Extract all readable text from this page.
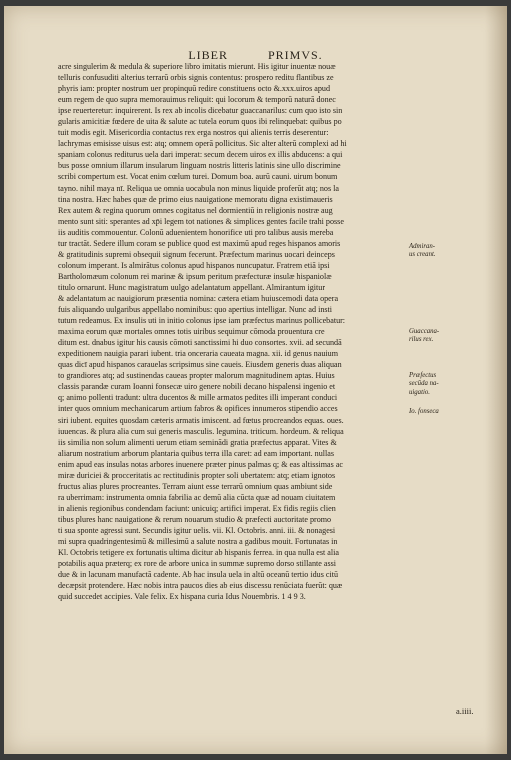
LIBER	PRIMVS.
acre singulerim & medula & superiore libro imitatis mierunt. His igitur inuentæ nouæ
telluris confusuditi alterius terrarū orbis signis contentus: prospero reditu flantibus ze
phyris iam: propter nostrum uer propinquū redire constituens octo &.xxx.uiros apud
eum regem de quo supra memorauimus reliquit: qui locorum & temporū naturā donec
ipse reuerteretur: inquirerent. Is rex ab incolis dicebatur guaccanarilus: cum quo isto sin
gularis amicitiæ fœdere de uita & salute ac tutela eorum quos ibi relinquebat: quibus po
tuit modis egit. Misericordia contactus rex erga nostros qui alienis terris deserentur:
lachrymas emisisse uisus est: atq; omnem operā pollicitus. Sic alter alterū complexi ad hi
spaniam colonus rediturus uela dari imperat: secum decem uiros ex illis abducens: a qui
bus posse omnium illarum insularum linguam nostris litteris latinis sine ullo discrimine
scribi compertum est. Vocat enim cœlum turei. Domum boa. aurū cauni. uirum bonum
tayno. nihil maya nī. Reliqua ue omnia uocabula non minus liquide proferūt atq; nos la
tina nostra. Hæc habes quæ de primo eius nauigatione memoratu digna existimaueris
Rex autem & regina quorum omnes cogitatus nel dormientiū in religionis nostræ aug
mento sunt siti: sperantes ad xp̄i legem tot nationes & simplices gentes facile trahi posse
iis auditis commouentur. Colonū aduenientem honorifice uti pro talibus ausis mereba
tur tractāt. Sedere illum coram se publice quod est maximū apud reges hispanos amoris
& gratitudinis supremi obsequii signum fecerunt. Præfectum marinus uocari deinceps
colonum imperant. Is almirātus colonus apud hispanos nuncupatur. Fratrem etiā ipsi
Bartholomæum colonum rei marinæ & ipsum peritum præfecturæ insulæ hispaniolæ
titulo ornarunt. Hunc magistratum uulgo adelantatum appellant. Almirantum igitur
& adelantatum ac nauigiorum præsentia nomina: cætera etiam huiuscemodi data opera
fuis aliquando uulgaribus appellabo nominibus: quo apertius intelligar. Nunc ad insti
tutum redeamus. Ex insulis uti in initio colonus ipse iam præfectus marinus pollicebatur:
maxima eorum quæ mortales omnes totis uiribus sequimur cōmoda prouentura cre
ditum est. dnabus igitur his causis cōmoti sanctissimi hi duo consortes. xvii. ad secundā
expeditionem nauigia parari iubent. tria onceraria caueata magna. xii. id genus nauium
quas dicī apud hispanos carauelas scripsimus sine caueis. Eiusdem generis duas aliquan
to grandiores atq; ad sustinendas caueas propter malorum magnitudinem aptas. Huius
classis parandæ curam Ioanni fonsecæ uiro genere nobili decano hispalensi ingenio et
q; animo pollenti tradunt: ultra ducentos & mille armatos pedites illi imperant conduci
inter quos omnium mechanicarum artium fabros & opifices innumeros stipendio acces
siri iubent. equites quosdam cæteris armatis imiscent. ad fœtus procreandos equas. oues.
iuuencas. & plura alia cum sui generis masculis. legumina. triticum. hordeum. & reliqua
iis similia non solum alimenti uerum etiam seminādi gratia præfectus apparat. Vites &
aliarum nostratium arborum plantaria quibus terra illa caret: ad eam important. nullas
enim apud eas insulas notas arbores inuenere præter pinus palmas q; & eas altissimas ac
miræ duriciei & procceritatis ac rectitudinis propter soli ubertatem: atq; etiam ignotos
fructus alias plures procreantes. Terram aiunt esse terrarū omnium quas ambiunt side
ra uberrimam: instrumenta omnia fabrilia ac demū alia cūcta quæ ad nouam ciuitatem
in alienis regionibus condendam faciunt: unicuiq; artifici imperat. Ex fidis regiis clien
tibus plures hanc nauigatione & rerum nouarum studio & præfecti auctoritate promo
ti sua sponte agressi sunt. Secundis igitur uelis. vii. Kl. Octobris. anni. iii. & nonagesi
mi supra quadringentesimū & millesimū a salute nostra a gadibus mouit. Fortunatas in
Kl. Octobris tetigere ex fortunatis ultima dicitur ab hispanis ferrea. in qua nulla est alia
potabilis aqua præterq; ex rore de arbore unica in summæ supremo dorso stillante assi
due & in lacunam manufactā cadente. Ab hac insula uela in altū oceanū tertio idus citū
decæpsit protendere. Hæc nobis intra paucos dies ab eius discessu renūciata fuerūt: quæ
quid succedet accipies. Vale felix. Ex hispana curia Idus Nouembris. 1 4 9 3.
Guaccana-
rilus rex.
Admiran-
us creant.
Præfectus
secūda na-
uigatio.
Io. fonseca
a.iiii.
